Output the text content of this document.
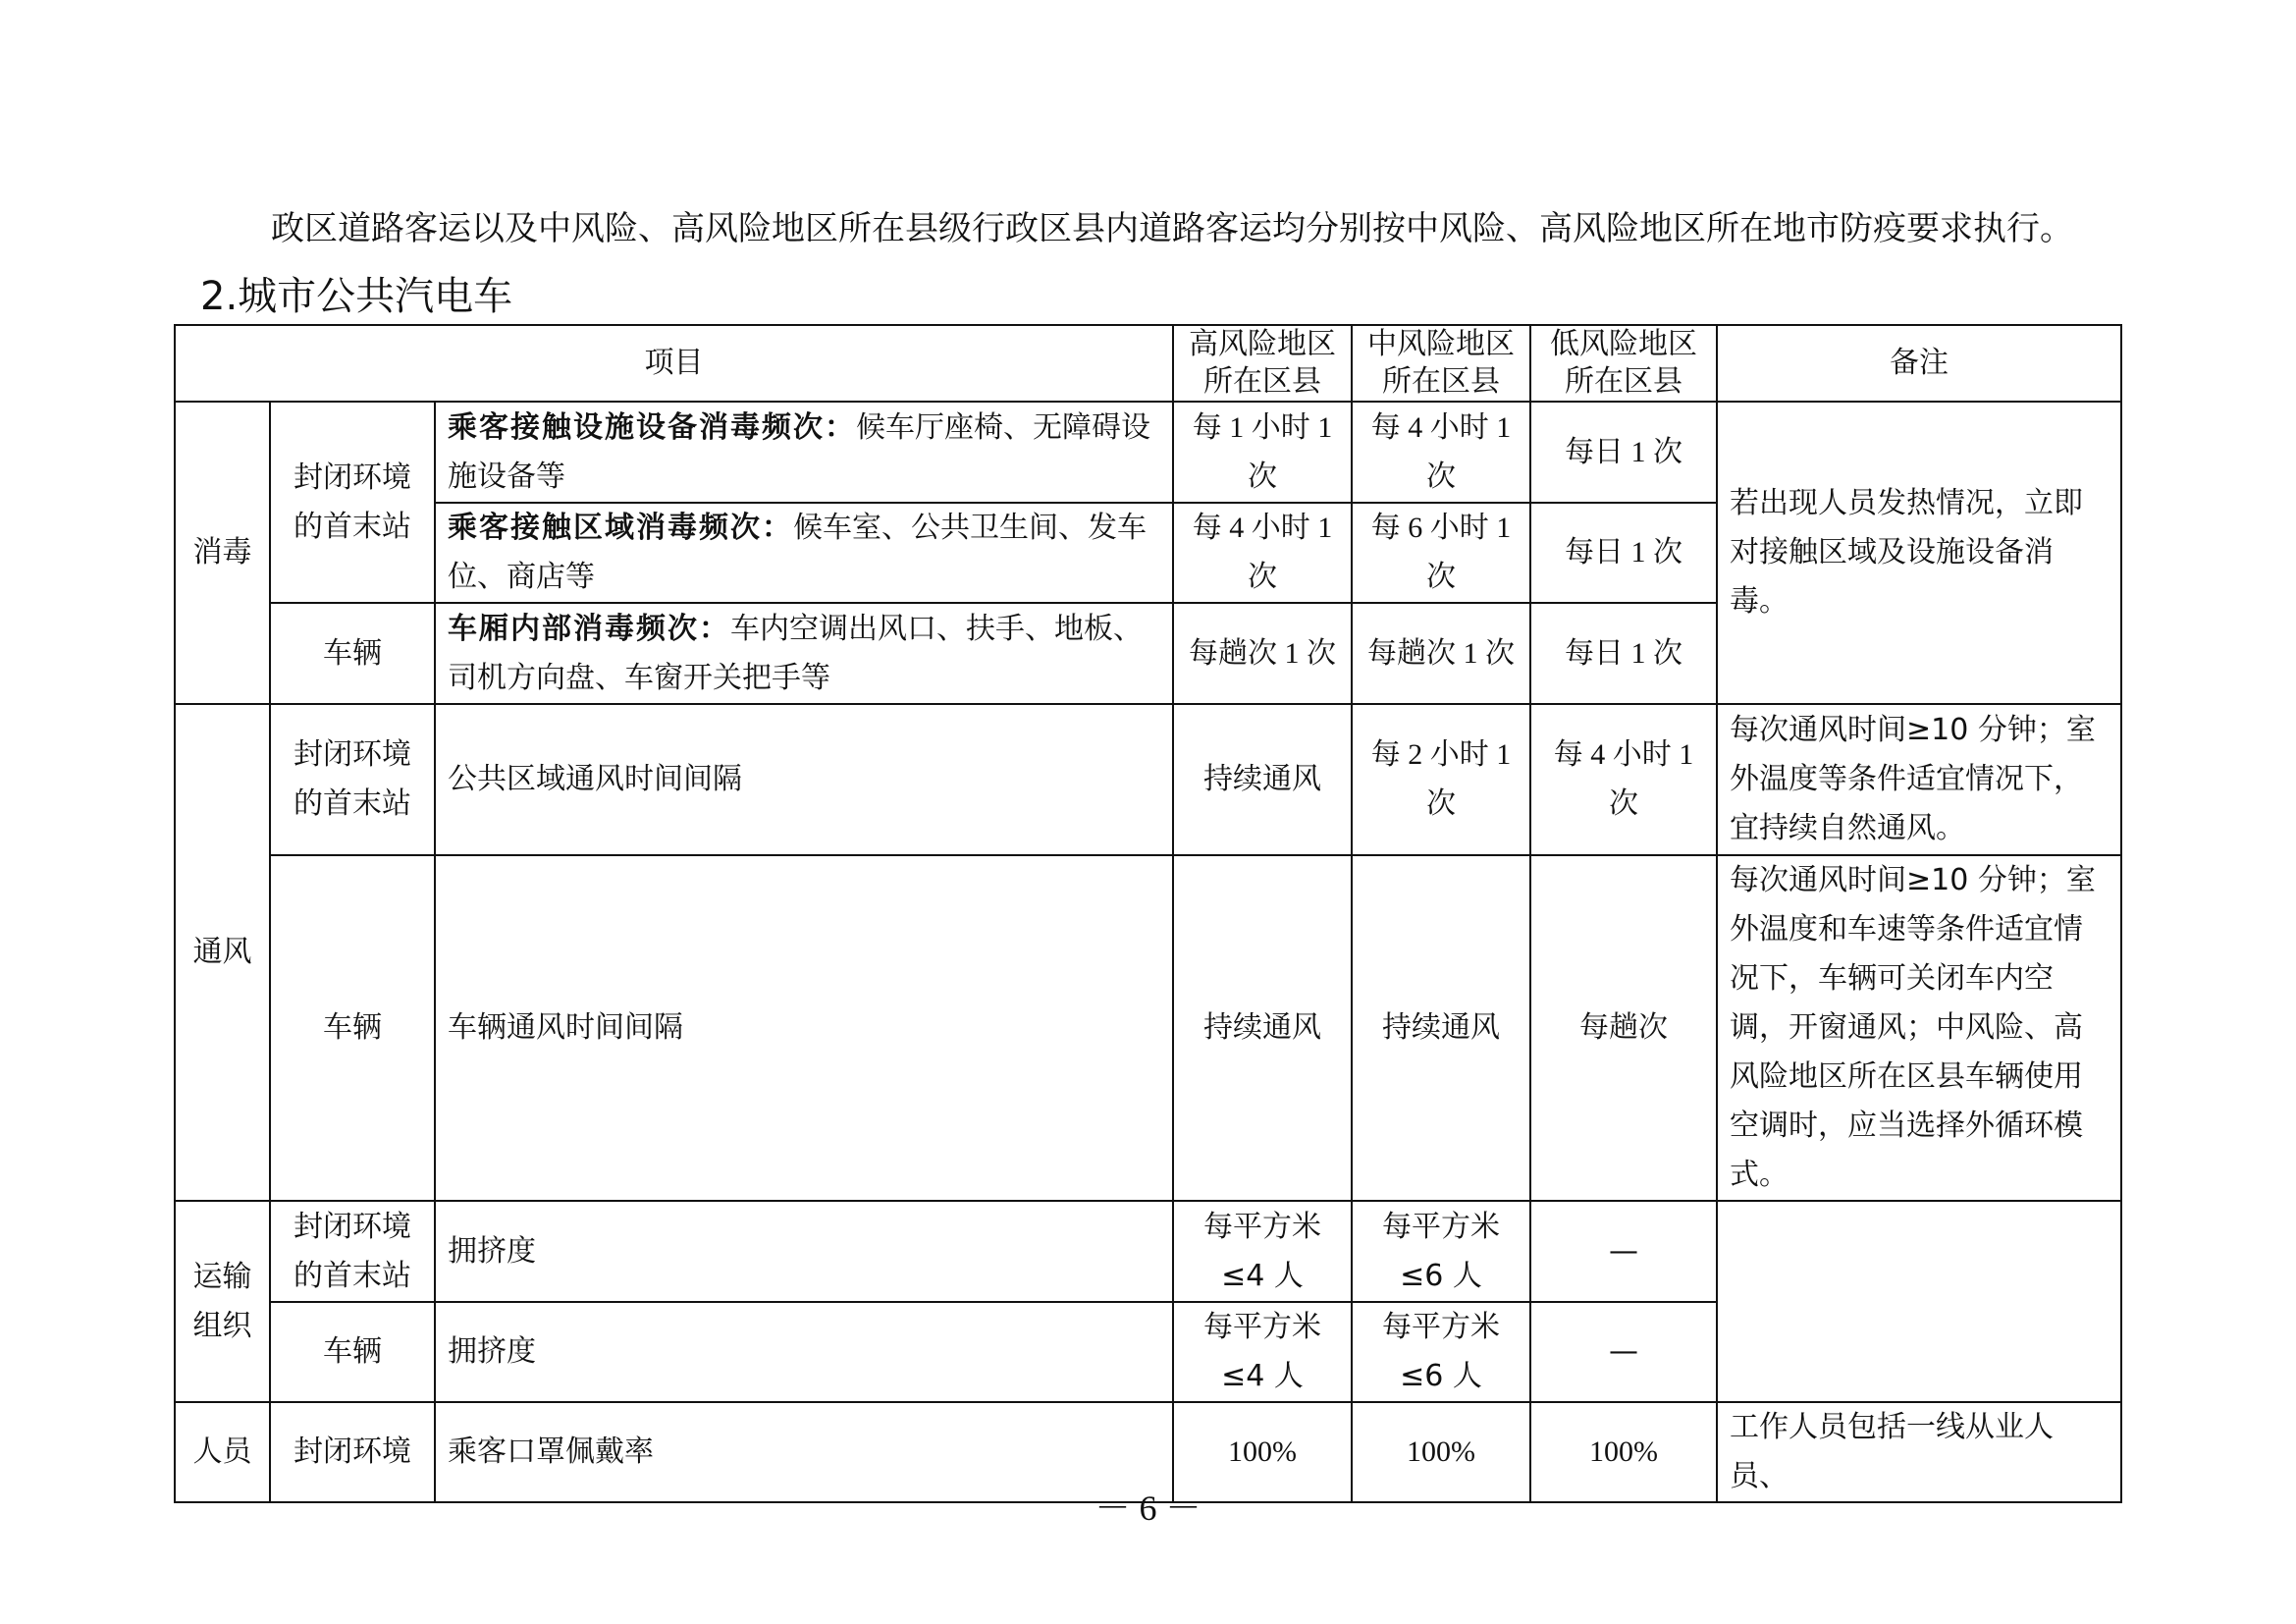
政区道路客运以及中风险、高风险地区所在县级行政区县内道路客运均分别按中风险、高风险地区所在地市防疫要求执行。
2.城市公共汽电车
项目			高风险地区所在区县	中风险地区所在区县	低风险地区所在区县	备注
消毒	封闭环境的首末站	乘客接触设施设备消毒频次：候车厅座椅、无障碍设施设备等	每 1 小时 1 次	每 4 小时 1 次	每日 1 次	若出现人员发热情况，立即对接触区域及设施设备消毒。
		乘客接触区域消毒频次：候车室、公共卫生间、发车位、商店等	每 4 小时 1 次	每 6 小时 1 次	每日 1 次	
	车辆	车厢内部消毒频次：车内空调出风口、扶手、地板、司机方向盘、车窗开关把手等	每趟次 1 次	每趟次 1 次	每日 1 次	
通风	封闭环境的首末站	公共区域通风时间间隔	持续通风	每 2 小时 1 次	每 4 小时 1 次	每次通风时间≥10 分钟；室外温度等条件适宜情况下，宜持续自然通风。
	车辆	车辆通风时间间隔	持续通风	持续通风	每趟次	每次通风时间≥10 分钟；室外温度和车速等条件适宜情况下，车辆可关闭车内空调，开窗通风；中风险、高风险地区所在区县车辆使用空调时，应当选择外循环模式。
运输组织	封闭环境的首末站	拥挤度	每平方米≤4 人	每平方米≤6 人	—	
	车辆	拥挤度	每平方米≤4 人	每平方米≤6 人	—	
人员	封闭环境	乘客口罩佩戴率	100%	100%	100%	工作人员包括一线从业人员、
－ 6 －
